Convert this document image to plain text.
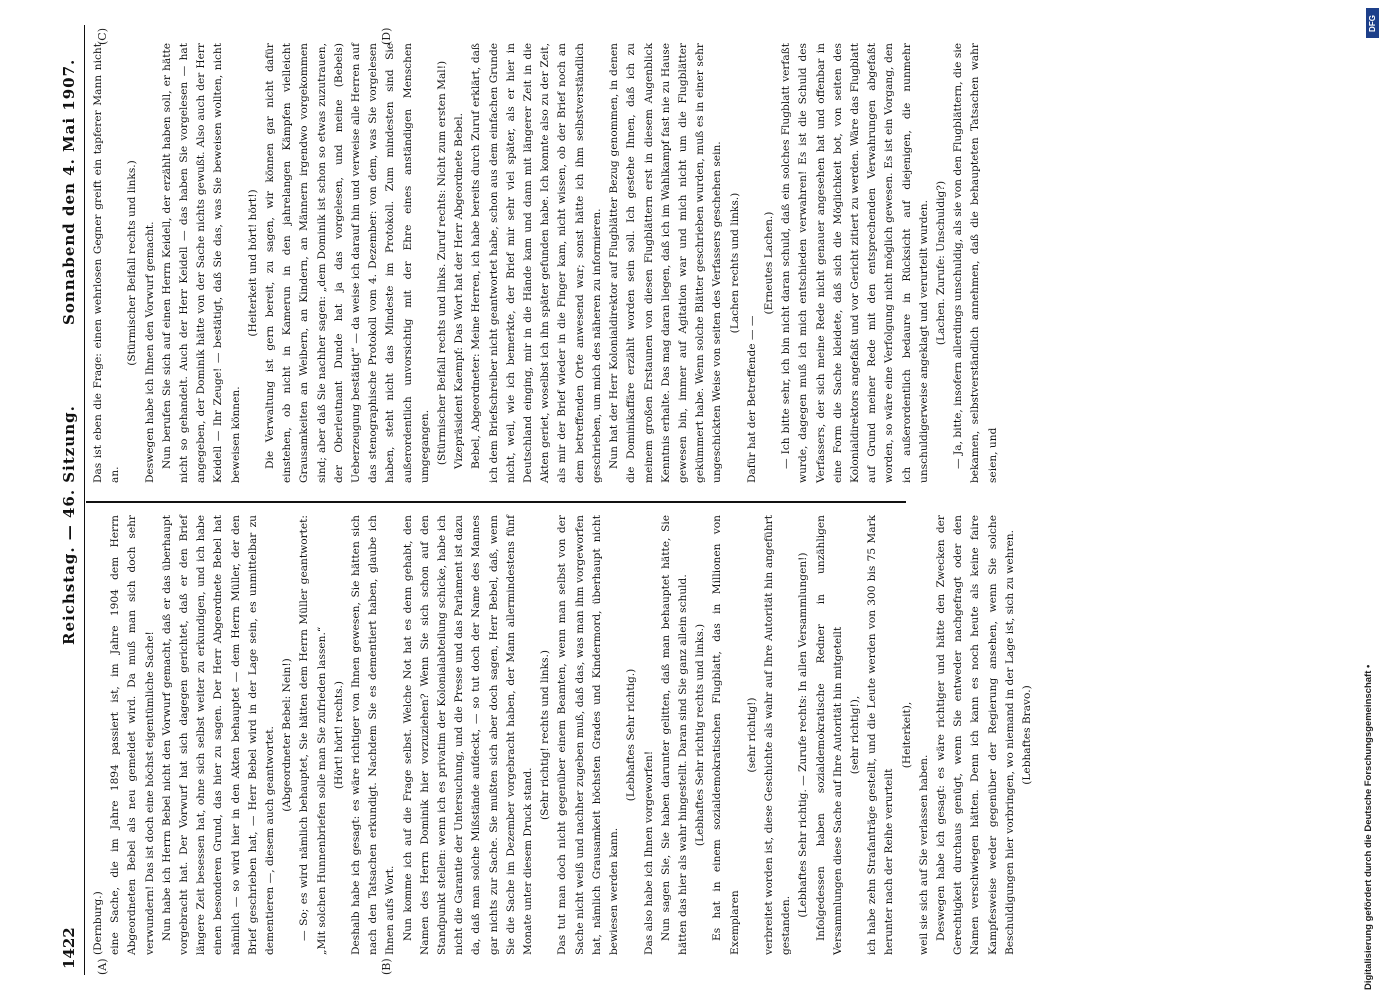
1422
Reichstag. — 46. Sitzung.
Sonnabend den 4. Mai 1907.
(A)	(B)
(C)	(D)

(Dernburg.) eine Sache, die im Jahre 1894 passiert ist, im Jahre 1904 dem Herrn Abgeordneten Bebel als neu gemeldet wird. Da muß man sich doch sehr verwundern! Das ist doch eine höchst eigentümliche Sache! Nun habe ich Herrn Bebel nicht den Vorwurf gemacht, daß er das überhaupt vorgebracht hat. Der Vorwurf hat sich dagegen gerichtet, daß er den Brief längere Zeit besessen hat, ohne sich selbst weiter zu erkundigen, und ich habe einen besonderen Grund, das hier zu sagen. Der Herr Abgeordnete Bebel hat nämlich — so wird hier in den Akten behauptet — dem Herrn Müller, der den Brief geschrieben hat, — Herr Bebel wird in der Lage sein, es unmittelbar zu dementieren —, diesem auch geantwortet. (Abgeordneter Bebel: Nein!) — So; es wird nämlich behauptet, Sie hätten dem Herrn Müller geantwortet: „Mit solchen Hunnenbriefen solle man Sie zufrieden lassen.“ (Hört! hört! rechts.) Deshalb habe ich gesagt: es wäre richtiger von Ihnen gewesen, Sie hätten sich nach den Tatsachen erkundigt. Nachdem Sie es dementiert haben, glaube ich Ihnen aufs Wort. Nun komme ich auf die Frage selbst. Welche Not hat es denn gehabt, den Namen des Herrn Dominik hier vorzuziehen? Wenn Sie sich schon auf den Standpunkt stellen: wenn ich es privatim der Kolonialabteilung schicke, habe ich nicht die Garantie der Untersuchung, und die Presse und das Parlament ist dazu da, daß man solche Mißstände aufdeckt, — so tut doch der Name des Mannes gar nichts zur Sache. Sie mußten sich aber doch sagen, Herr Bebel, daß, wenn Sie die Sache im Dezember vorgebracht haben, der Mann allermindestens fünf Monate unter diesem Druck stand.

(Sehr richtig! rechts und links.) Das tut man doch nicht gegenüber einem Beamten, wenn man selbst von der Sache nicht weiß und nachher zugeben muß, daß das, was man ihm vorgeworfen hat, nämlich Grausamkeit höchsten Grades und Kindermord, überhaupt nicht bewiesen werden kann.

(Lebhaftes Sehr richtig.)

Das also habe ich Ihnen vorgeworfen! Nun sagen Sie, Sie haben darunter gelitten, daß man behauptet hätte, Sie hätten das hier als wahr hingestellt. Daran sind Sie ganz allein schuld. (Lebhaftes Sehr richtig rechts und links.) Es hat in einem sozialdemokratischen Flugblatt, das in Millionen von Exemplaren

(sehr richtig!) verbreitet worden ist, diese Geschichte als wahr auf Ihre Autorität hin angeführt gestanden.

(Lebhaftes Sehr richtig. — Zurufe rechts: In allen Versammlungen!) Infolgedessen haben sozialdemokratische Redner in unzähligen Versammlungen diese Sache auf Ihre Autorität hin mitgeteilt (sehr richtig!), ich habe zehn Strafanträge gestellt, und die Leute werden von 300 bis 75 Mark herunter nach der Reihe verurteilt

(Heiterkeit),

weil sie sich auf Sie verlassen haben. Deswegen habe ich gesagt: es wäre richtiger und hätte den Zwecken der Gerechtigkeit durchaus genügt, wenn Sie entweder nachgefragt oder den Namen verschwiegen hätten. Denn ich kann es noch heute als keine faire Kampfesweise weder gegenüber der Regierung ansehen, wenn Sie solche Beschuldigungen hier vorbringen, wo niemand in der Lage ist, sich zu wehren. (Lebhaftes Bravo.)

Das ist eben die Frage: einen wehrlosen Gegner greift ein tapferer Mann nicht an.

(Stürmischer Beifall rechts und links.) Deswegen habe ich Ihnen den Vorwurf gemacht. Nun berufen Sie sich auf einen Herrn Keidell, der erzählt haben soll, er hätte nicht so gehandelt. Auch der Herr Keidell — das haben Sie vorgelesen — hat angegeben, der Dominik hätte von der Sache nichts gewußt. Also auch der Herr Keidell — Ihr Zeuge! — bestätigt, daß Sie das, was Sie beweisen wollten, nicht beweisen können.

(Heiterkeit und hört! hört!) Die Verwaltung ist gern bereit, zu sagen, wir können gar nicht dafür einstehen, ob nicht in Kamerun in den jahrelangen Kämpfen vielleicht Grausamkeiten an Weibern, an Kindern, an Männern irgendwo vorgekommen sind; aber daß Sie nachher sagen: „dem Dominik ist schon so etwas zuzutrauen, der Oberleutnant Dunde hat ja das vorgelesen, und meine (Bebels) Ueberzeugung bestätigt“ — da weise ich darauf hin und verweise alle Herren auf das stenographische Protokoll vom 4. Dezember: von dem, was Sie vorgelesen haben, steht nicht das Mindeste im Protokoll. Zum mindesten sind Sie außerordentlich unvorsichtig mit der Ehre eines anständigen Menschen umgegangen. (Stürmischer Beifall rechts und links. Zuruf rechts: Nicht zum ersten Mal!) Vizepräsident Kaempf: Das Wort hat der Herr Abgeordnete Bebel. Bebel, Abgeordneter: Meine Herren, ich habe bereits durch Zuruf erklärt, daß ich dem Briefschreiber nicht geantwortet habe, schon aus dem einfachen Grunde nicht, weil, wie ich bemerkte, der Brief mir sehr viel später, als er hier in Deutschland einging, mir in die Hände kam und dann mit längerer Zeit in die Akten geriet, woselbst ich ihn später gefunden habe. Ich konnte also zu der Zeit, als mir der Brief wieder in die Finger kam, nicht wissen, ob der Brief noch an dem betreffenden Orte anwesend war; sonst hätte ich ihm selbstverständlich geschrieben, um mich des näheren zu informieren. Nun hat der Herr Kolonialdirektor auf Flugblätter Bezug genommen, in denen die Dominikaffäre erzählt worden sein soll. Ich gestehe Ihnen, daß ich zu meinem großen Erstaunen von diesen Flugblättern erst in diesem Augenblick Kenntnis erhalte. Das mag daran liegen, daß ich im Wahlkampf fast nie zu Hause gewesen bin, immer auf Agitation war und mich nicht um die Flugblätter gekümmert habe. Wenn solche Blätter geschrieben wurden, muß es in einer sehr ungeschickten Weise von seiten des Verfassers geschehen sein. (Lachen rechts und links.)

Dafür hat der Betreffende — —

(Erneutes Lachen.) — Ich bitte sehr, ich bin nicht daran schuld, daß ein solches Flugblatt verfaßt wurde, dagegen muß ich mich entschieden verwahren! Es ist die Schuld des Verfassers, der sich meine Rede nicht genauer angesehen hat und offenbar in eine Form die Sache kleidete, daß sich die Möglichkeit bot, von seiten des Kolonialdirektors angefaßt und vor Gericht zitiert zu werden. Wäre das Flugblatt auf Grund meiner Rede mit den entsprechenden Verwahrungen abgefaßt worden, so wäre eine Verfolgung nicht möglich gewesen. Es ist ein Vorgang, den ich außerordentlich bedaure in Rücksicht auf diejenigen, die nunmehr unschuldigerweise angeklagt und verurteilt wurden. (Lachen. Zurufe: Unschuldig?) — Ja, bitte, insofern allerdings unschuldig, als sie von den Flugblättern, die sie bekamen, selbstverständlich annehmen, daß die behaupteten Tatsachen wahr seien, und

Digitalisierung gefördert durch die Deutsche Forschungsgemeinschaft •
DFG
